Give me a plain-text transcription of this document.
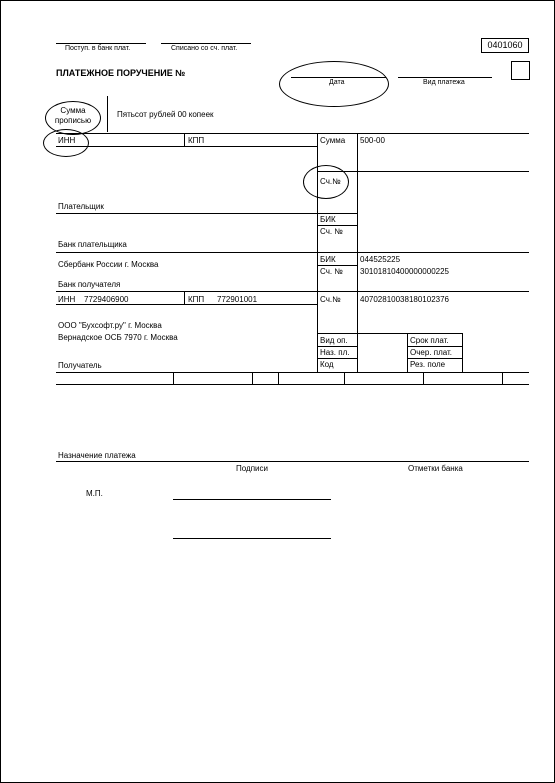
Поступ. в банк плат.	Списано со сч. плат.	0401060
ПЛАТЕЖНОЕ ПОРУЧЕНИЕ №
Дата	Вид платежа
Сумма
прописью
Пятьсот рублей 00 копеек
ИНН	КПП	Сумма 500-00
Сч.№
Плательщик
БИК
Сч. №
Банк плательщика
Сбербанк России г. Москва
БИК	044525225
Сч. № 30101810400000000225
Банк получателя
ИНН 7729406900	КПП 772901001	Сч.№ 40702810038180102376
ООО "Бухсофт.ру" г. Москва
Вернадское ОСБ 7970 г. Москва	Вид оп.	Срок плат.
Наз. пл.	Очер. плат.
Код	Рез. поле
Получатель
Назначение платежа
Подписи	Отметки банка
М.П.
